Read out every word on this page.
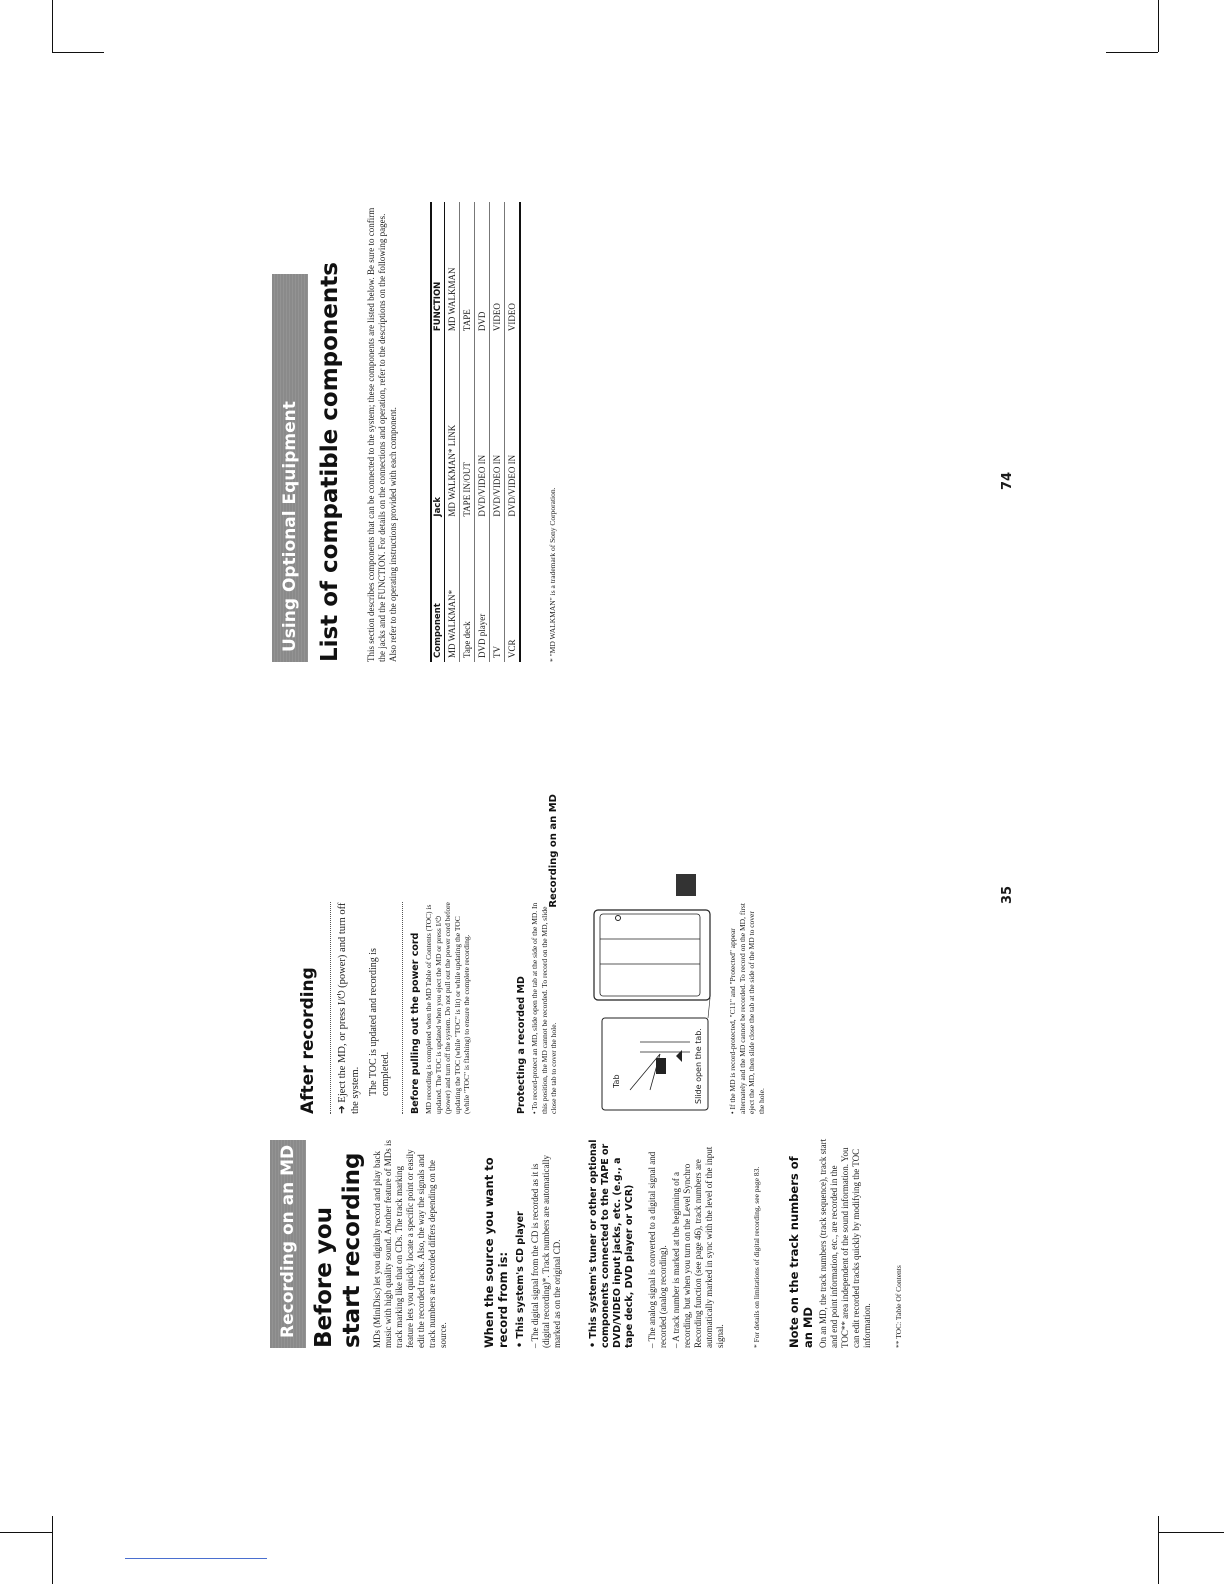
Recording on an MD Before you start recording MDs (MiniDisc) let you digitally record and play back music with high quality sound. Another feature of MDs is track marking like that on CDs. The track marking feature lets you quickly locate a specific point or easily edit the recorded tracks. Also, the way the signals and track numbers are recorded differs depending on the source.	When the source you want to record from is: • This system's CD player – The digital signal from the CD is recorded as it is (digital recording)*. Track numbers are automatically marked as on the original CD.	• This system's tuner or other optional components connected to the TAPE or DVD/VIDEO input jacks, etc. (e.g., a tape deck, DVD player or VCR) – The analog signal is converted to a digital signal and recorded (analog recording). – A track number is marked at the beginning of a recording, but when you turn on the Level Synchro Recording function (see page 46), track numbers are automatically marked in sync with the level of the input signal.	* For details on limitations of digital recording, see page 83. Note on the track numbers of an MD On an MD, the track numbers (track sequence), track start and end point information, etc., are recorded in the TOC** area independent of the sound information. You can edit recorded tracks quickly by modifying the TOC information.	** TOC: Table Of Contents
After recording	➜ Eject the MD, or press I/⏻ (power) and turn off the system. The TOC is updated and recording is completed. Before pulling out the power cord MD recording is completed when the MD Table of Contents (TOC) is updated. The TOC is updated when you eject the MD or press I/⏻ (power) and turn off the system. Do not pull out the power cord before updating the TOC (while "TOC" is lit) or while updating the TOC (while "TOC" is flashing) to ensure the complete recording.	Protecting a recorded MD • To record-protect an MD, slide open the tab at the side of the MD. In this position, the MD cannot be recorded. To record on the MD, slide close the tab to cover the hole.	Tab	Slide open the tab.	• If the MD is record-protected, "C11" and "Protected" appear alternately and the MD cannot be recorded. To record on the MD, first eject the MD, then slide close the tab at the side of the MD to cover the hole.
Recording on an MD	35
Using Optional Equipment List of compatible components	This section describes components that can be connected to the system; these components are listed below. Be sure to confirm the jacks and the FUNCTION. For details on the connections and operation, refer to the descriptions on the following pages. Also refer to the operating instructions provided with each component.	Component	Jack	FUNCTION
MD WALKMAN*	MD WALKMAN* LINK	MD WALKMAN
Tape deck	TAPE IN/OUT	TAPE
DVD player	DVD/VIDEO IN	DVD
TV	DVD/VIDEO IN	VIDEO
VCR	DVD/VIDEO IN	VIDEO
* "MD WALKMAN" is a trademark of Sony Corporation.
74
